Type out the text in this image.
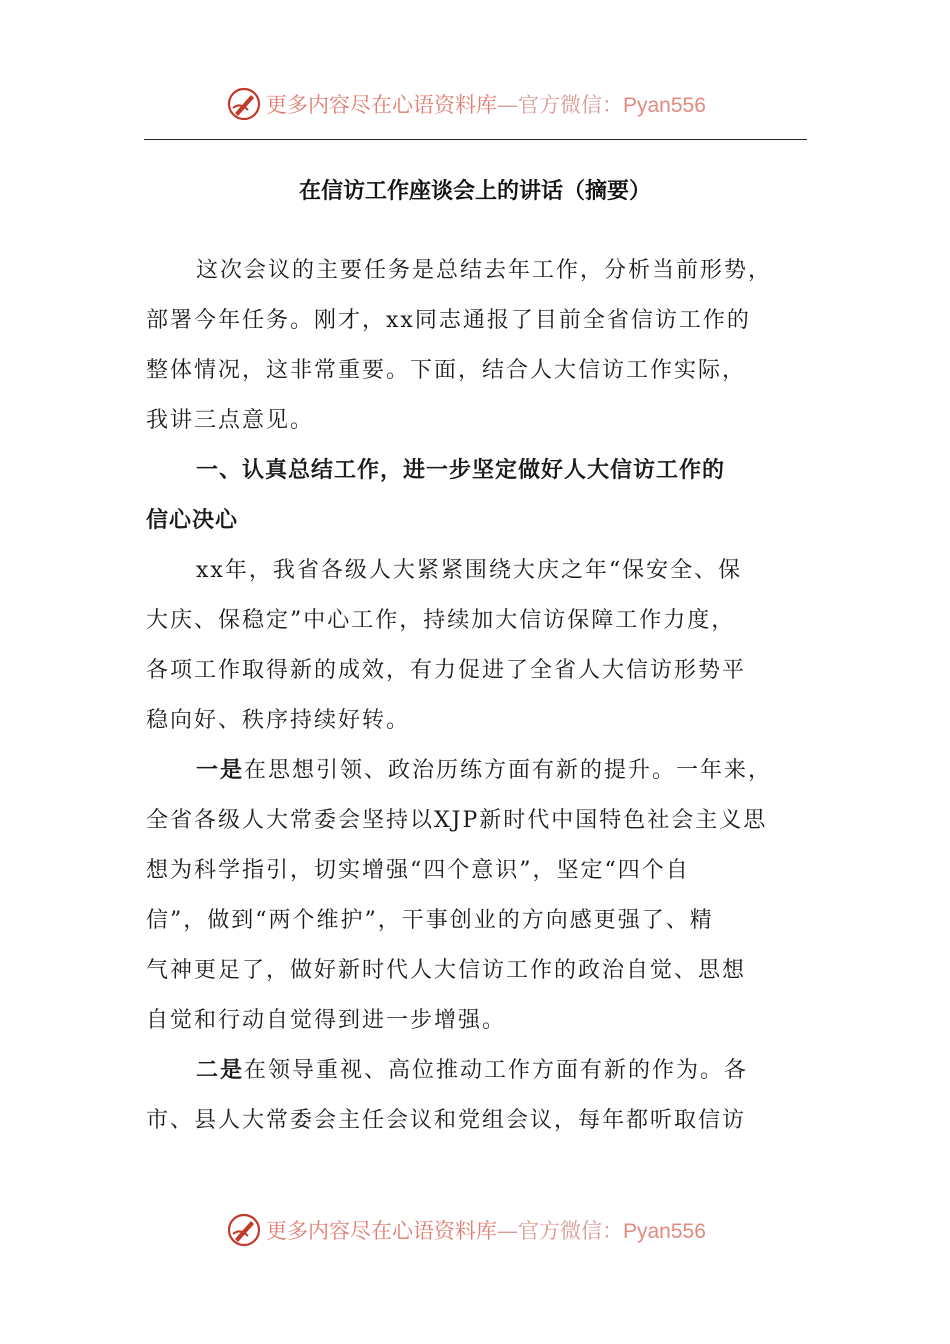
更多内容尽在心语资料库—官方微信：Pyan556
在信访工作座谈会上的讲话（摘要）
这次会议的主要任务是总结去年工作，分析当前形势，
部署今年任务。刚才，xx同志通报了目前全省信访工作的
整体情况，这非常重要。下面，结合人大信访工作实际，
我讲三点意见。
一、认真总结工作，进一步坚定做好人大信访工作的
信心决心
xx年，我省各级人大紧紧围绕大庆之年“保安全、保
大庆、保稳定”中心工作，持续加大信访保障工作力度，
各项工作取得新的成效，有力促进了全省人大信访形势平
稳向好、秩序持续好转。
一是在思想引领、政治历练方面有新的提升。一年来，
全省各级人大常委会坚持以XJP新时代中国特色社会主义思
想为科学指引，切实增强“四个意识”，坚定“四个自
信”，做到“两个维护”，干事创业的方向感更强了、精
气神更足了，做好新时代人大信访工作的政治自觉、思想
自觉和行动自觉得到进一步增强。
二是在领导重视、高位推动工作方面有新的作为。各
市、县人大常委会主任会议和党组会议，每年都听取信访
更多内容尽在心语资料库—官方微信：Pyan556
